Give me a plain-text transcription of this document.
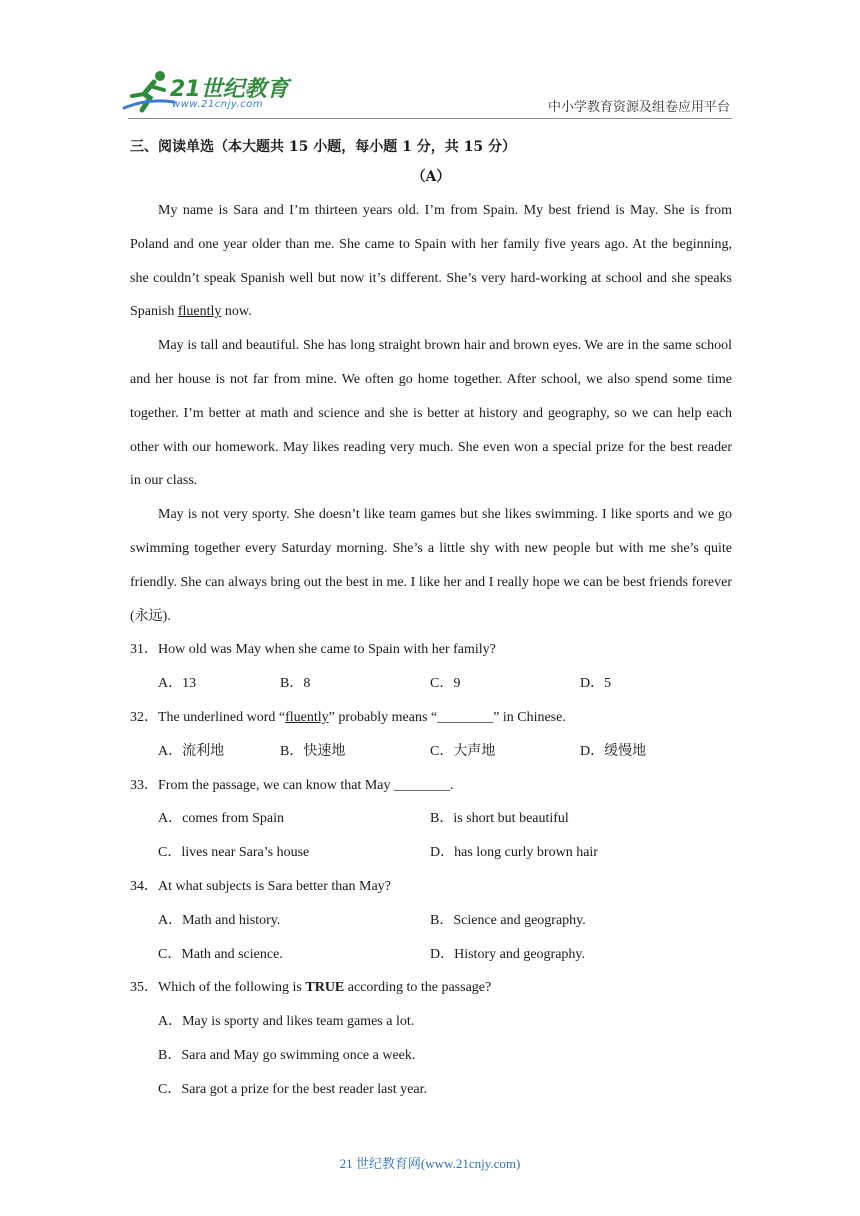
21世纪教育
www.21cnjy.com	中小学教育资源及组卷应用平台
三、阅读单选（本大题共 15 小题，每小题 1 分，共 15 分）
（A）

My name is Sara and I’m thirteen years old. I’m from Spain. My best friend is May. She is from Poland and one year older than me. She came to Spain with her family five years ago. At the beginning, she couldn’t speak Spanish well but now it’s different. She’s very hard-working at school and she speaks Spanish fluently now.

May is tall and beautiful. She has long straight brown hair and brown eyes. We are in the same school and her house is not far from mine. We often go home together. After school, we also spend some time together. I’m better at math and science and she is better at history and geography, so we can help each other with our homework. May likes reading very much. She even won a special prize for the best reader in our class.

May is not very sporty. She doesn’t like team games but she likes swimming. I like sports and we go swimming together every Saturday morning. She’s a little shy with new people but with me she’s quite friendly. She can always bring out the best in me. I like her and I really hope we can be best friends forever (永远).

31．How old was May when she came to Spain with her family?
A．13	B．8	C．9	D．5
32．The underlined word “fluently” probably means “________” in Chinese.
A．流利地	B．快速地	C．大声地	D．缓慢地
33．From the passage, we can know that May ________.
A．comes from Spain	B．is short but beautiful
C．lives near Sara’s house	D．has long curly brown hair
34．At what subjects is Sara better than May?
A．Math and history.	B．Science and geography.
C．Math and science.	D．History and geography.
35．Which of the following is TRUE according to the passage?
A．May is sporty and likes team games a lot.
B．Sara and May go swimming once a week.
C．Sara got a prize for the best reader last year.
21 世纪教育网(www.21cnjy.com)
